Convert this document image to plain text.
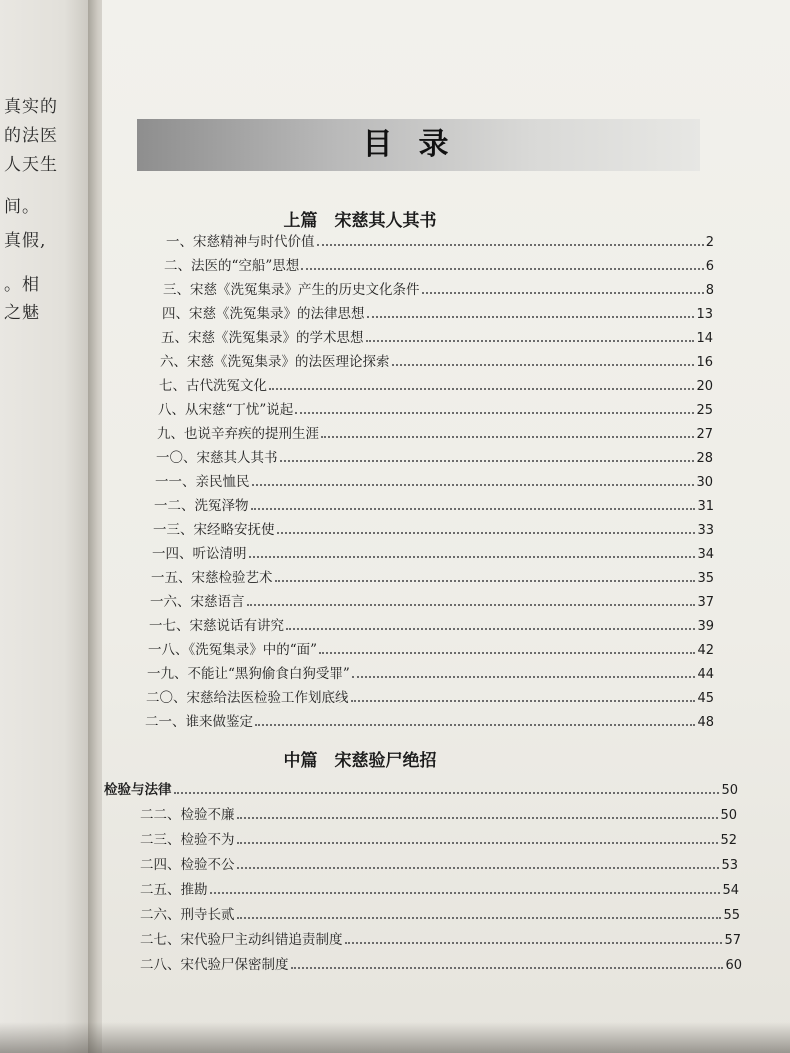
真实的
的法医
人天生
间。
真假,
。相
之魅
目录
上篇　宋慈其人其书
一、宋慈精神与时代价值	2
二、法医的“空船”思想	6
三、宋慈《洗冤集录》产生的历史文化条件	8
四、宋慈《洗冤集录》的法律思想	13
五、宋慈《洗冤集录》的学术思想	14
六、宋慈《洗冤集录》的法医理论探索	16
七、古代洗冤文化	20
八、从宋慈“丁忧”说起	25
九、也说辛弃疾的提刑生涯	27
一〇、宋慈其人其书	28
一一、亲民恤民	30
一二、洗冤泽物	31
一三、宋经略安抚使	33
一四、听讼清明	34
一五、宋慈检验艺术	35
一六、宋慈语言	37
一七、宋慈说话有讲究	39
一八、《洗冤集录》中的“面”	42
一九、不能让“黑狗偷食白狗受罪”	44
二〇、宋慈给法医检验工作划底线	45
二一、谁来做鉴定	48
中篇　宋慈验尸绝招
检验与法律	50
二二、检验不廉	50
二三、检验不为	52
二四、检验不公	53
二五、推勘	54
二六、刑寺长贰	55
二七、宋代验尸主动纠错追责制度	57
二八、宋代验尸保密制度	60
